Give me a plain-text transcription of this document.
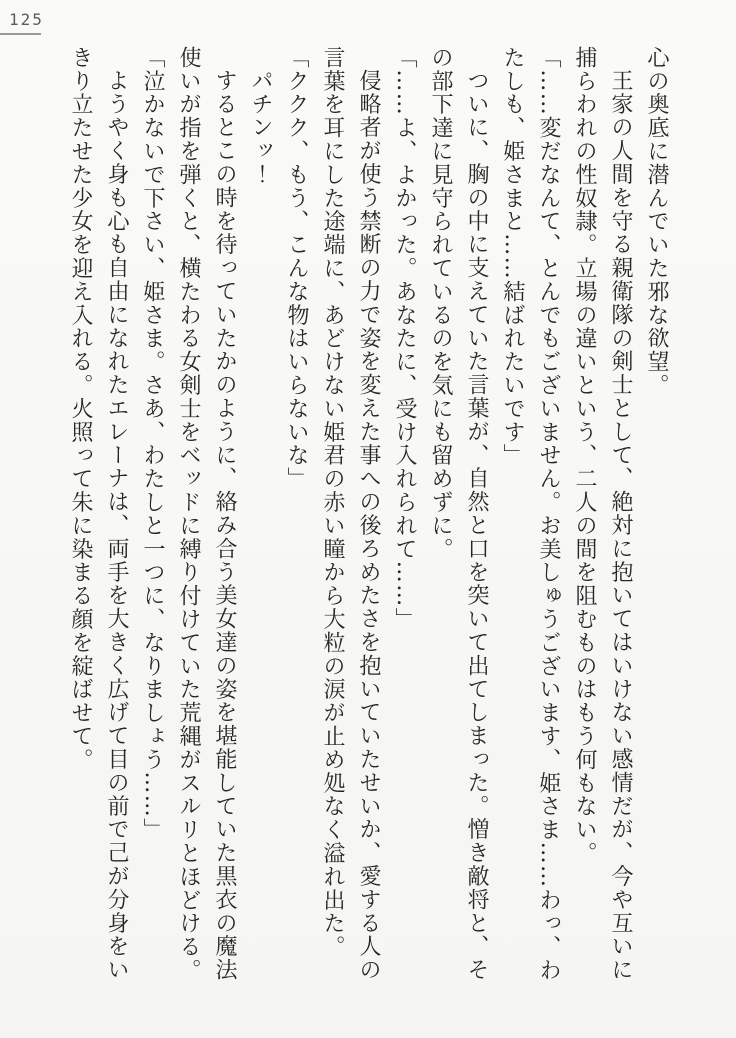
125

心の奥底に潜んでいた邪な欲望。

王家の人間を守る親衛隊の剣士として、絶対に抱いてはいけない感情だが、今や互いに

捕らわれの性奴隷。立場の違いという、二人の間を阻むものはもう何もない。

「……変だなんて、とんでもございません。お美しゅうございます、姫さま……わっ、わ

たしも、姫さまと……結ばれたいです」

ついに、胸の中に支えていた言葉が、自然と口を突いて出てしまった。憎き敵将と、そ

の部下達に見守られているのを気にも留めずに。

「……よ、よかった。あなたに、受け入れられて……」

侵略者が使う禁断の力で姿を変えた事への後ろめたさを抱いていたせいか、愛する人の

言葉を耳にした途端に、あどけない姫君の赤い瞳から大粒の涙が止め処なく溢れ出た。

「ククク、もう、こんな物はいらないな」

パチンッ！

するとこの時を待っていたかのように、絡み合う美女達の姿を堪能していた黒衣の魔法

使いが指を弾くと、横たわる女剣士をベッドに縛り付けていた荒縄がスルリとほどける。

「泣かないで下さい、姫さま。さあ、わたしと一つに、なりましょう……」

ようやく身も心も自由になれたエレーナは、両手を大きく広げて目の前で己が分身をい

きり立たせた少女を迎え入れる。火照って朱に染まる顔を綻ばせて。
